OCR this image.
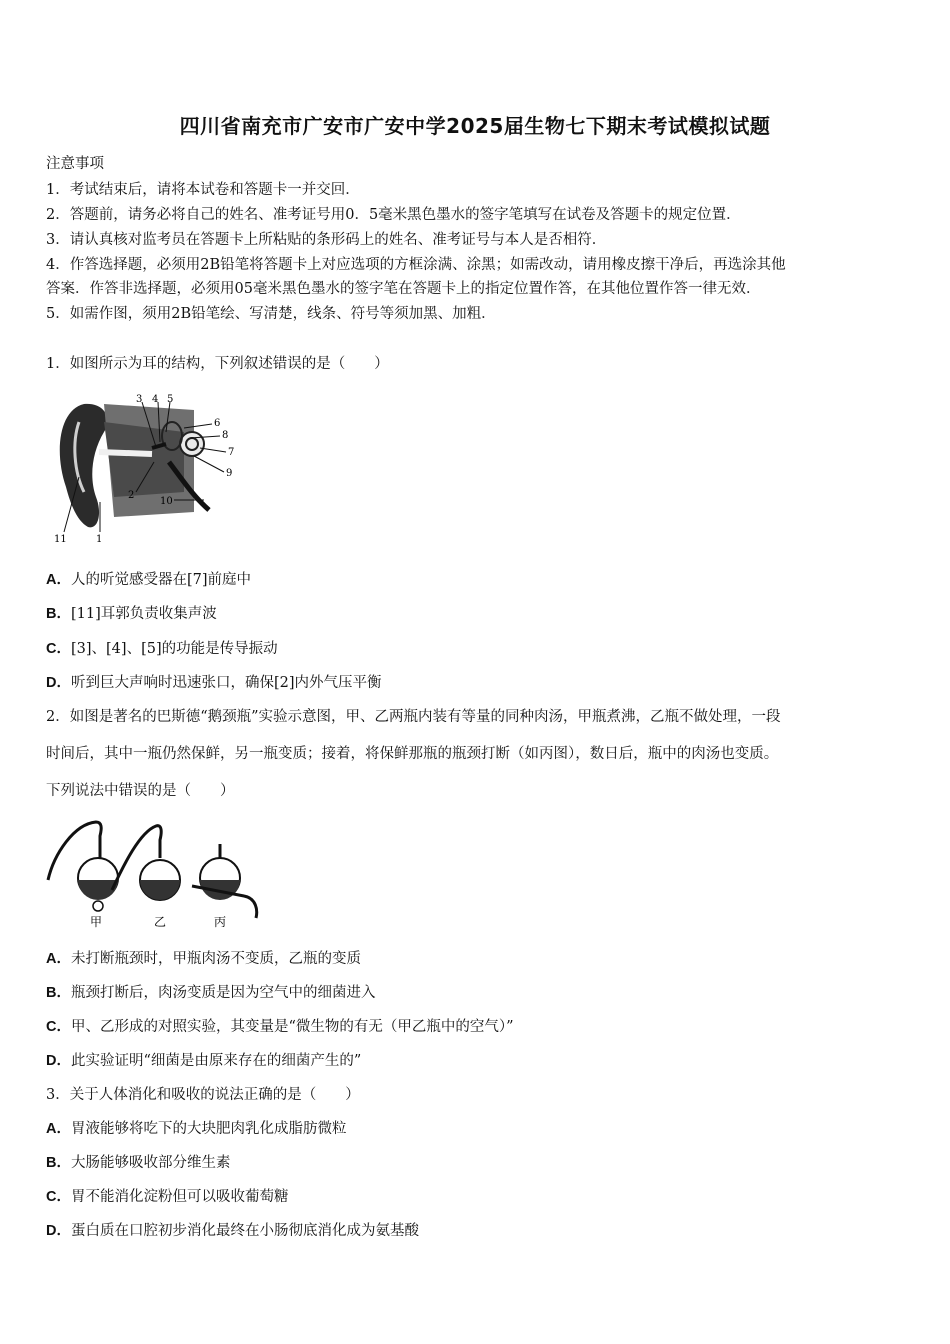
四川省南充市广安市广安中学2025届生物七下期末考试模拟试题
注意事项
1．考试结束后，请将本试卷和答题卡一并交回．
2．答题前，请务必将自己的姓名、准考证号用0．5毫米黑色墨水的签字笔填写在试卷及答题卡的规定位置．
3．请认真核对监考员在答题卡上所粘贴的条形码上的姓名、准考证号与本人是否相符．
4．作答选择题，必须用2B铅笔将答题卡上对应选项的方框涂满、涂黑；如需改动，请用橡皮擦干净后，再选涂其他
答案．作答非选择题，必须用05毫米黑色墨水的签字笔在答题卡上的指定位置作答，在其他位置作答一律无效．
5．如需作图，须用2B铅笔绘、写清楚，线条、符号等须加黑、加粗．
1．如图所示为耳的结构，下列叙述错误的是（　　）
3 4 5
6
8
7
9
2
10
11	1
A．人的听觉感受器在[7]前庭中
B．[11]耳郭负责收集声波
C．[3]、[4]、[5]的功能是传导振动
D．听到巨大声响时迅速张口，确保[2]内外气压平衡
2．如图是著名的巴斯德“鹅颈瓶”实验示意图，甲、乙两瓶内装有等量的同种肉汤，甲瓶煮沸，乙瓶不做处理，一段
时间后，其中一瓶仍然保鲜，另一瓶变质；接着，将保鲜那瓶的瓶颈打断（如丙图），数日后，瓶中的肉汤也变质。
下列说法中错误的是（　　）
甲	乙	丙
A．未打断瓶颈时，甲瓶肉汤不变质，乙瓶的变质
B．瓶颈打断后，肉汤变质是因为空气中的细菌进入
C．甲、乙形成的对照实验，其变量是“微生物的有无（甲乙瓶中的空气）”
D．此实验证明“细菌是由原来存在的细菌产生的”
3．关于人体消化和吸收的说法正确的是（　　）
A．胃液能够将吃下的大块肥肉乳化成脂肪微粒
B．大肠能够吸收部分维生素
C．胃不能消化淀粉但可以吸收葡萄糖
D．蛋白质在口腔初步消化最终在小肠彻底消化成为氨基酸
